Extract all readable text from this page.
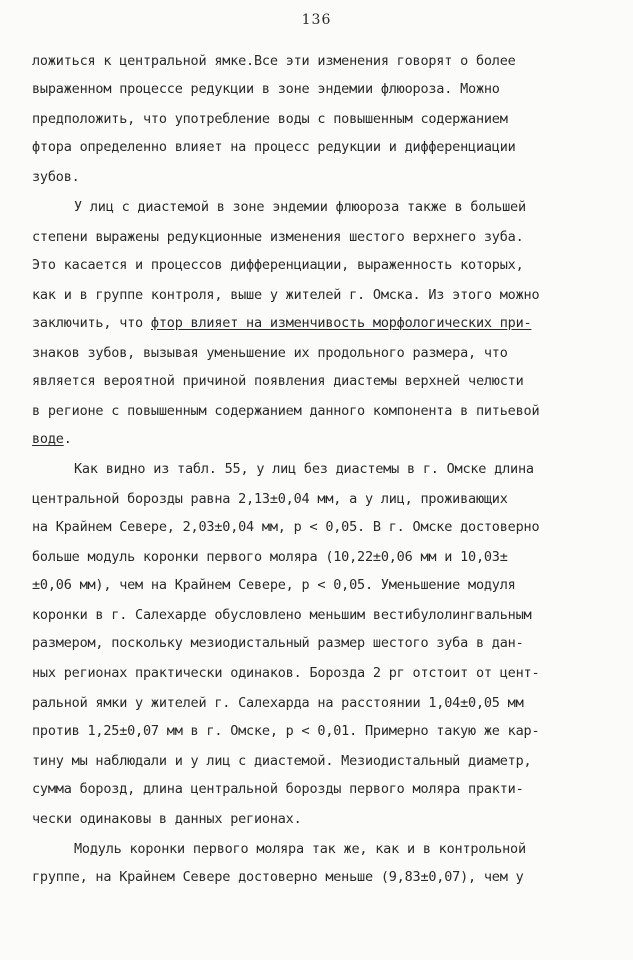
136
ложиться к центральной ямке.Все эти изменения говорят о более
выраженном процессе редукции в зоне эндемии флюороза. Можно
предположить, что употребление воды с повышенным содержанием
фтора определенно влияет на процесс редукции и дифференциации
зубов.
У лиц с диастемой в зоне эндемии флюороза также в большей
степени выражены редукционные изменения шестого верхнего зуба.
Это касается и процессов дифференциации, выраженность которых,
как и в группе контроля, выше у жителей г. Омска. Из этого можно
заключить, что фтор влияет на изменчивость морфологических при-
знаков зубов, вызывая уменьшение их продольного размера, что
является вероятной причиной появления диастемы верхней челюсти
в регионе с повышенным содержанием данного компонента в питьевой
воде.
Как видно из табл. 55, у лиц без диастемы в г. Омске длина
центральной борозды равна 2,13±0,04 мм, а у лиц, проживающих
на Крайнем Севере, 2,03±0,04 мм, р < 0,05. В г. Омске достоверно
больше модуль коронки первого моляра (10,22±0,06 мм и 10,03±
±0,06 мм), чем на Крайнем Севере, р < 0,05. Уменьшение модуля
коронки в г. Салехарде обусловлено меньшим вестибулолингвальным
размером, поскольку мезиодистальный размер шестого зуба в дан-
ных регионах практически одинаков. Борозда 2 рг отстоит от цент-
ральной ямки у жителей г. Салехарда на расстоянии 1,04±0,05 мм
против 1,25±0,07 мм в г. Омске, р < 0,01. Примерно такую же кар-
тину мы наблюдали и у лиц с диастемой. Мезиодистальный диаметр,
сумма борозд, длина центральной борозды первого моляра практи-
чески одинаковы в данных регионах.
Модуль коронки первого моляра так же, как и в контрольной
группе, на Крайнем Севере достоверно меньше (9,83±0,07), чем у
